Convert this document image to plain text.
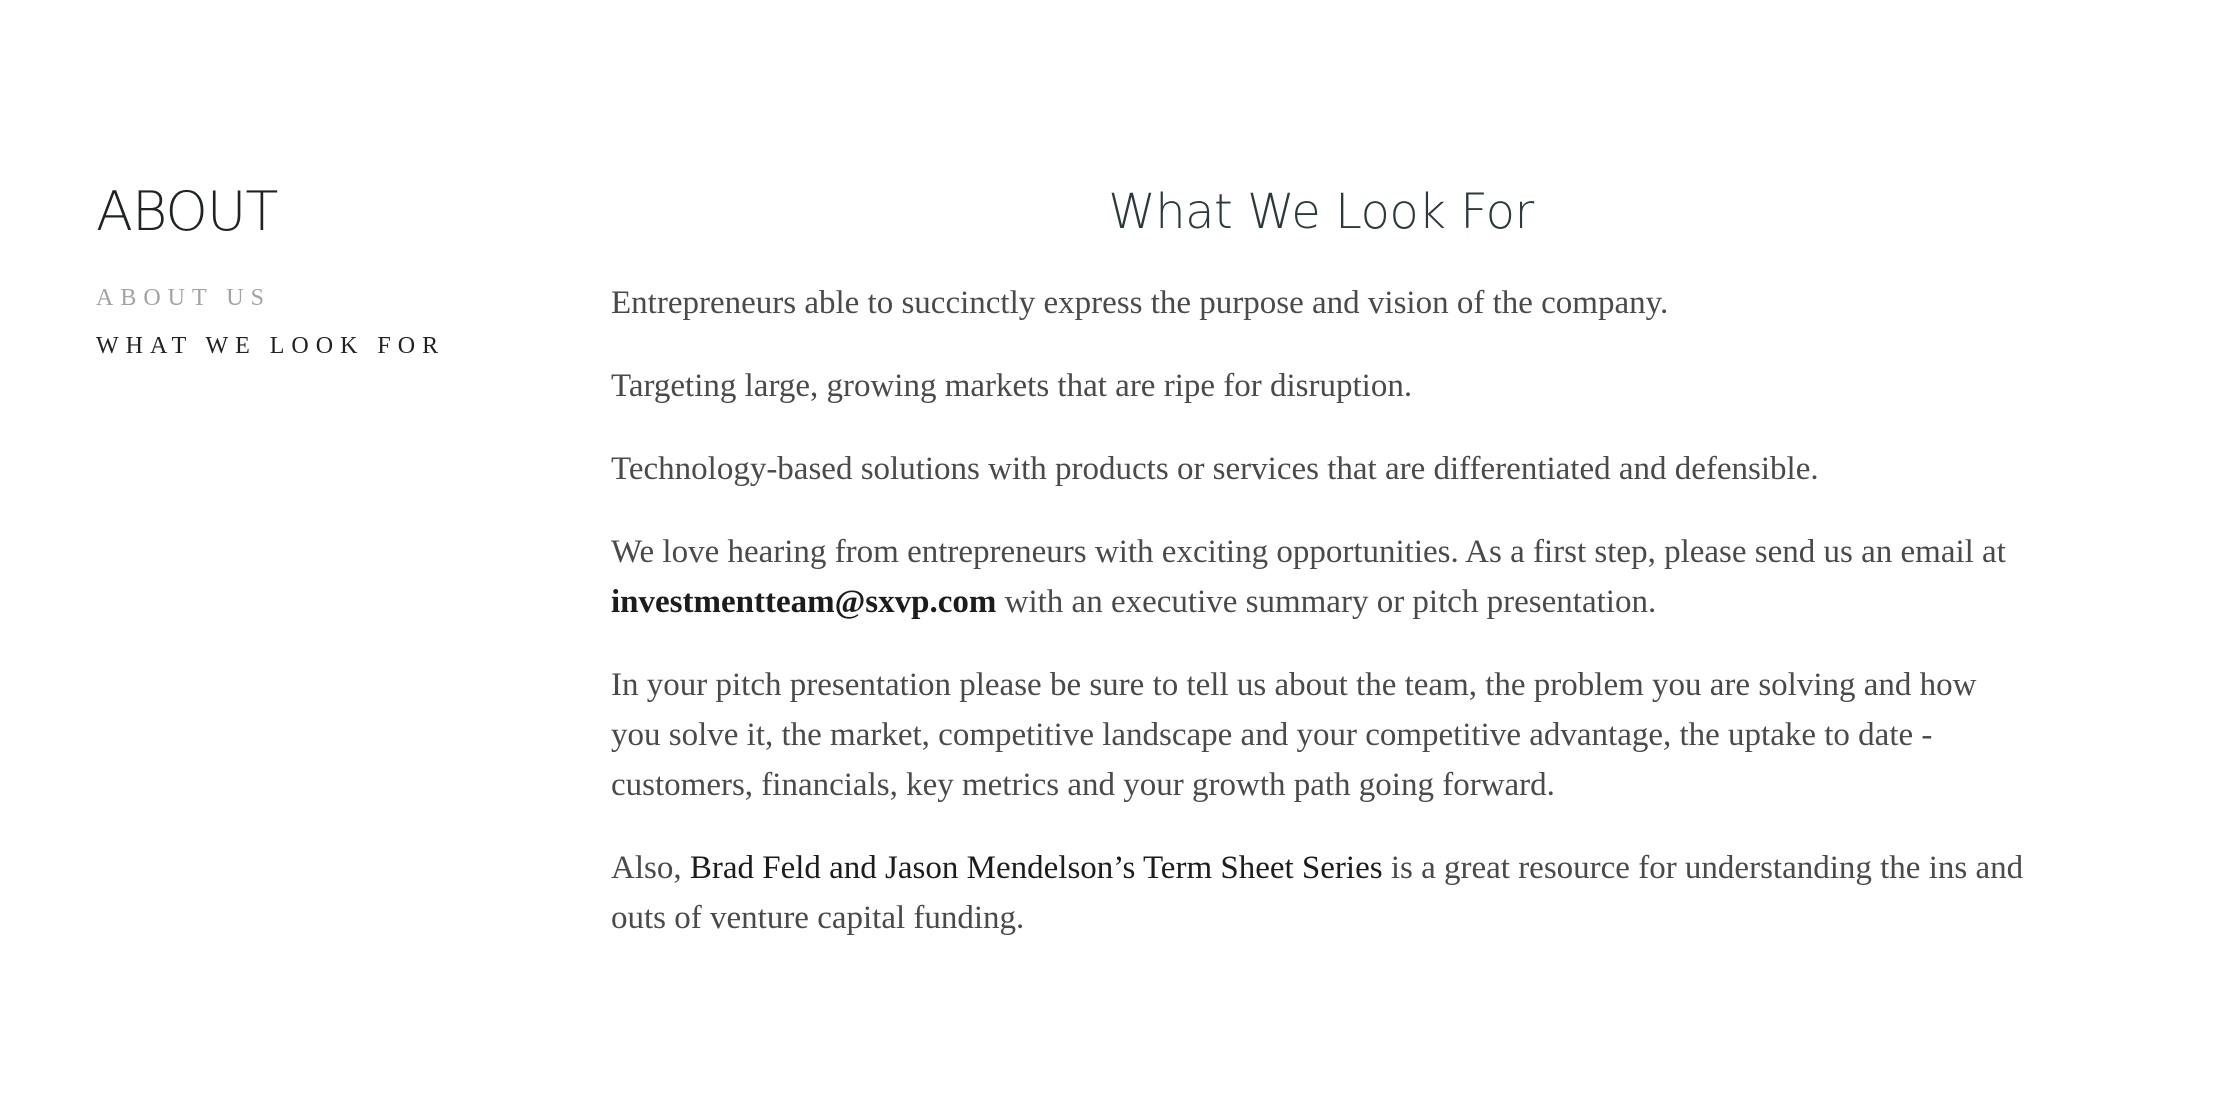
ABOUT
ABOUT US
WHAT WE LOOK FOR
What We Look For

Entrepreneurs able to succinctly express the purpose and vision of the company.

Targeting large, growing markets that are ripe for disruption.

Technology-based solutions with products or services that are differentiated and defensible.

We love hearing from entrepreneurs with exciting opportunities. As a first step, please send us an email at investmentteam@sxvp.com with an executive summary or pitch presentation.

In your pitch presentation please be sure to tell us about the team, the problem you are solving and how you solve it, the market, competitive landscape and your competitive advantage, the uptake to date - customers, financials, key metrics and your growth path going forward.

Also, Brad Feld and Jason Mendelson’s Term Sheet Series is a great resource for understanding the ins and outs of venture capital funding.
